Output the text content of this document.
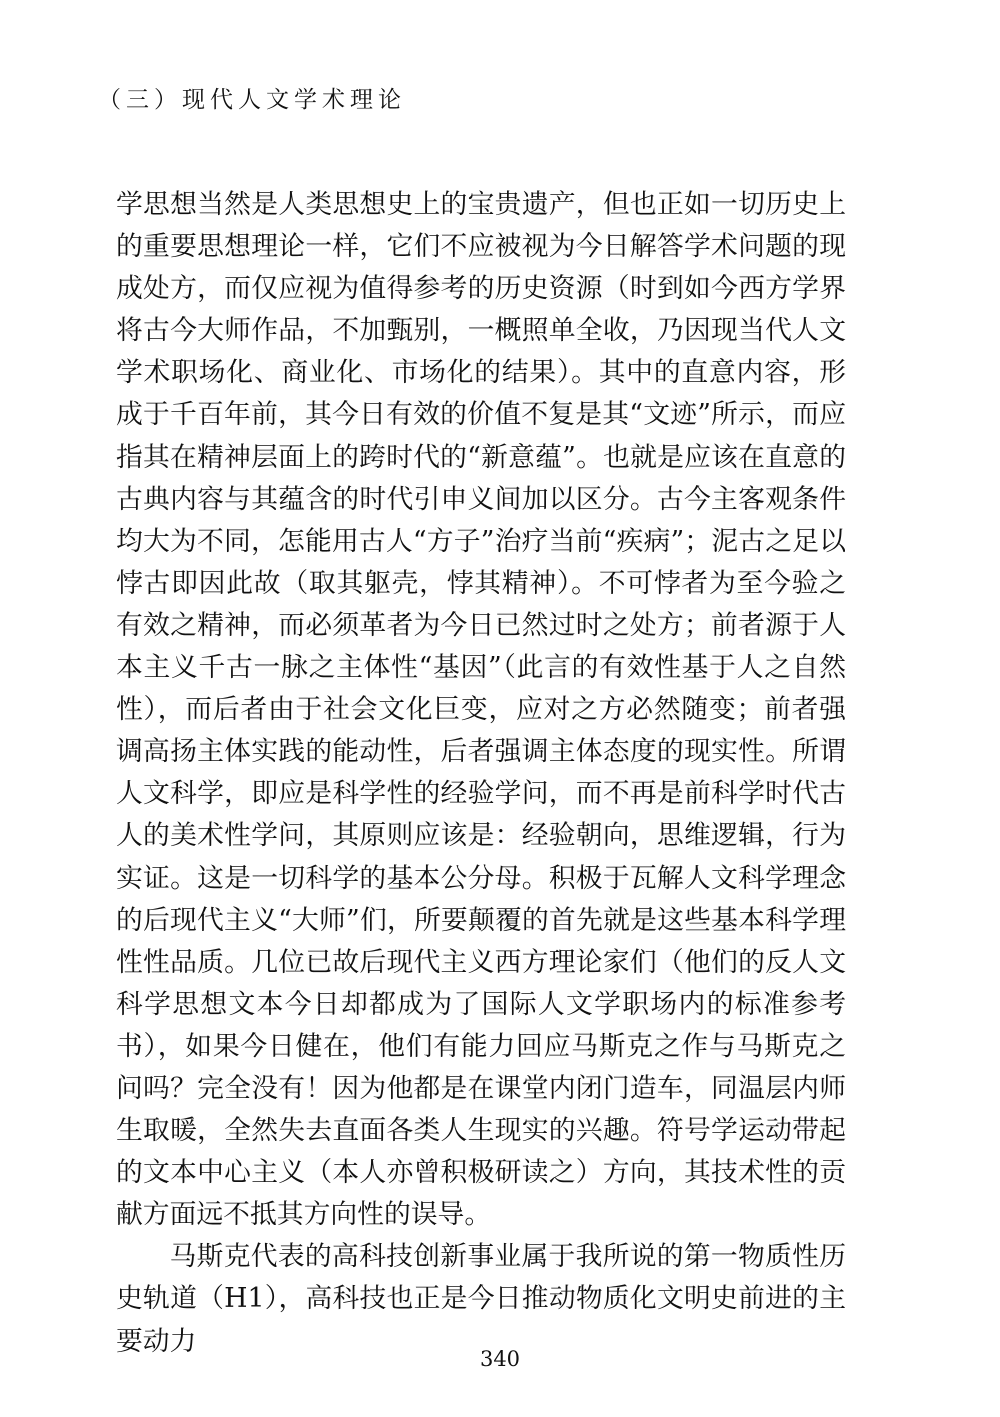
（三）现代人文学术理论

学思想当然是人类思想史上的宝贵遗产，但也正如一切历史上的重要思想理论一样，它们不应被视为今日解答学术问题的现成处方，而仅应视为值得参考的历史资源（时到如今西方学界将古今大师作品，不加甄别，一概照单全收，乃因现当代人文学术职场化、商业化、市场化的结果）。其中的直意内容，形成于千百年前，其今日有效的价值不复是其“文迹”所示，而应指其在精神层面上的跨时代的“新意蕴”。也就是应该在直意的古典内容与其蕴含的时代引申义间加以区分。古今主客观条件均大为不同，怎能用古人“方子”治疗当前“疾病”；泥古之足以悖古即因此故（取其躯壳，悖其精神）。不可悖者为至今验之有效之精神，而必须革者为今日已然过时之处方；前者源于人本主义千古一脉之主体性“基因”（此言的有效性基于人之自然性），而后者由于社会文化巨变，应对之方必然随变；前者强调高扬主体实践的能动性，后者强调主体态度的现实性。所谓人文科学，即应是科学性的经验学问，而不再是前科学时代古人的美术性学问，其原则应该是：经验朝向，思维逻辑，行为实证。这是一切科学的基本公分母。积极于瓦解人文科学理念的后现代主义“大师”们，所要颠覆的首先就是这些基本科学理性性品质。几位已故后现代主义西方理论家们（他们的反人文科学思想文本今日却都成为了国际人文学职场内的标准参考书），如果今日健在，他们有能力回应马斯克之作与马斯克之问吗？完全没有！因为他都是在课堂内闭门造车，同温层内师生取暖，全然失去直面各类人生现实的兴趣。符号学运动带起的文本中心主义（本人亦曾积极研读之）方向，其技术性的贡献方面远不抵其方向性的误导。

马斯克代表的高科技创新事业属于我所说的第一物质性历史轨道（H1），高科技也正是今日推动物质化文明史前进的主要动力

340
